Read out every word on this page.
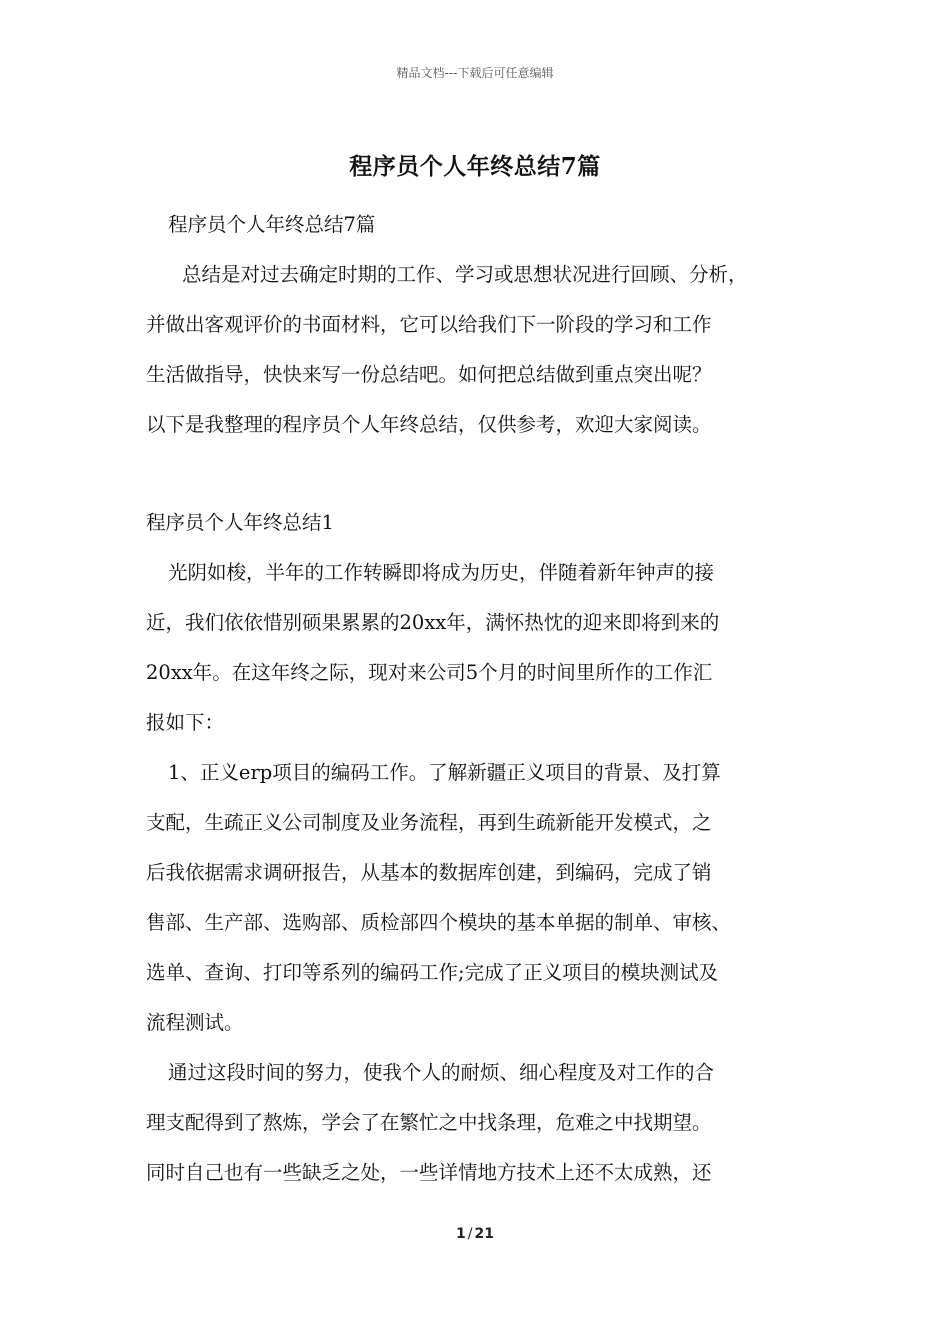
精品文档---下载后可任意编辑
程序员个人年终总结7篇
程序员个人年终总结7篇
总结是对过去确定时期的工作、学习或思想状况进行回顾、分析，
并做出客观评价的书面材料，它可以给我们下一阶段的学习和工作
生活做指导，快快来写一份总结吧。如何把总结做到重点突出呢？
以下是我整理的程序员个人年终总结，仅供参考，欢迎大家阅读。
程序员个人年终总结1
光阴如梭，半年的工作转瞬即将成为历史，伴随着新年钟声的接
近，我们依依惜别硕果累累的20xx年，满怀热忱的迎来即将到来的
20xx年。在这年终之际，现对来公司5个月的时间里所作的工作汇
报如下：
1、正义erp项目的编码工作。了解新疆正义项目的背景、及打算
支配，生疏正义公司制度及业务流程，再到生疏新能开发模式，之
后我依据需求调研报告，从基本的数据库创建，到编码，完成了销
售部、生产部、选购部、质检部四个模块的基本单据的制单、审核、
选单、查询、打印等系列的编码工作;完成了正义项目的模块测试及
流程测试。
通过这段时间的努力，使我个人的耐烦、细心程度及对工作的合
理支配得到了熬炼，学会了在繁忙之中找条理，危难之中找期望。
同时自己也有一些缺乏之处，一些详情地方技术上还不太成熟，还
1 / 21
